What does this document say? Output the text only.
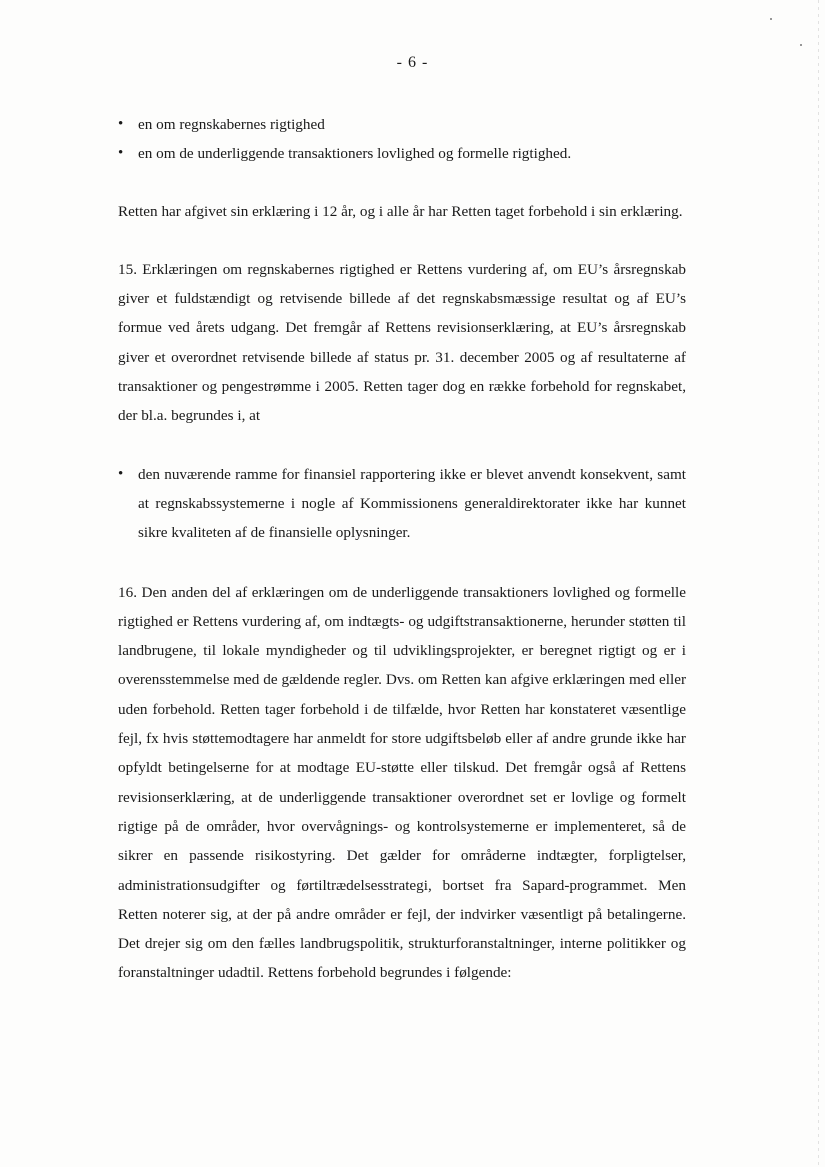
- 6 -
• en om regnskabernes rigtighed
• en om de underliggende transaktioners lovlighed og formelle rigtighed.

Retten har afgivet sin erklæring i 12 år, og i alle år har Retten taget forbehold i sin erklæring.

15. Erklæringen om regnskabernes rigtighed er Rettens vurdering af, om EU’s årsregnskab giver et fuldstændigt og retvisende billede af det regnskabsmæssige resultat og af EU’s formue ved årets udgang. Det fremgår af Rettens revisionserklæring, at EU’s årsregnskab giver et overordnet retvisende billede af status pr. 31. december 2005 og af resultaterne af transaktioner og pengestrømme i 2005. Retten tager dog en række forbehold for regnskabet, der bl.a. begrundes i, at

• den nuværende ramme for finansiel rapportering ikke er blevet anvendt konsekvent, samt at regnskabssystemerne i nogle af Kommissionens generaldirektorater ikke har kunnet sikre kvaliteten af de finansielle oplysninger.

16. Den anden del af erklæringen om de underliggende transaktioners lovlighed og formelle rigtighed er Rettens vurdering af, om indtægts- og udgiftstransaktionerne, herunder støtten til landbrugene, til lokale myndigheder og til udviklingsprojekter, er beregnet rigtigt og er i overensstemmelse med de gældende regler. Dvs. om Retten kan afgive erklæringen med eller uden forbehold. Retten tager forbehold i de tilfælde, hvor Retten har konstateret væsentlige fejl, fx hvis støttemodtagere har anmeldt for store udgiftsbeløb eller af andre grunde ikke har opfyldt betingelserne for at modtage EU-støtte eller tilskud. Det fremgår også af Rettens revisionserklæring, at de underliggende transaktioner overordnet set er lovlige og formelt rigtige på de områder, hvor overvågnings- og kontrolsystemerne er implementeret, så de sikrer en passende risikostyring. Det gælder for områderne indtægter, forpligtelser, administrationsudgifter og førtiltrædelsesstrategi, bortset fra Sapard-programmet. Men Retten noterer sig, at der på andre områder er fejl, der indvirker væsentligt på betalingerne. Det drejer sig om den fælles landbrugspolitik, strukturforanstaltninger, interne politikker og foranstaltninger udadtil. Rettens forbehold begrundes i følgende:
